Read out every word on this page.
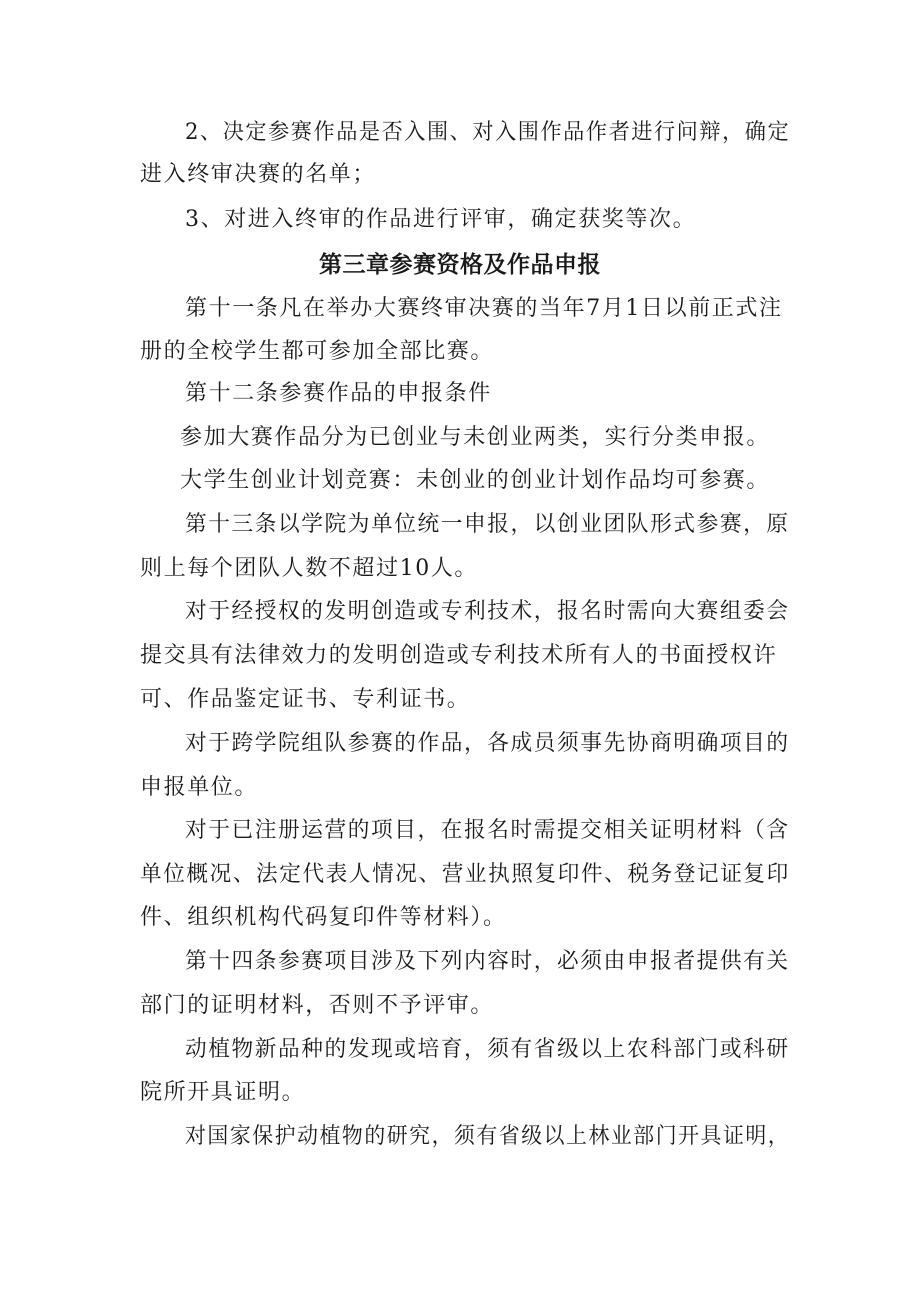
2、决定参赛作品是否入围、对入围作品作者进行问辩，确定
进入终审决赛的名单；
3、对进入终审的作品进行评审，确定获奖等次。
第三章参赛资格及作品申报
第十一条凡在举办大赛终审决赛的当年7月1日以前正式注
册的全校学生都可参加全部比赛。
第十二条参赛作品的申报条件
参加大赛作品分为已创业与未创业两类，实行分类申报。
大学生创业计划竞赛：未创业的创业计划作品均可参赛。
第十三条以学院为单位统一申报，以创业团队形式参赛，原
则上每个团队人数不超过10人。
对于经授权的发明创造或专利技术，报名时需向大赛组委会
提交具有法律效力的发明创造或专利技术所有人的书面授权许
可、作品鉴定证书、专利证书。
对于跨学院组队参赛的作品，各成员须事先协商明确项目的
申报单位。
对于已注册运营的项目，在报名时需提交相关证明材料（含
单位概况、法定代表人情况、营业执照复印件、税务登记证复印
件、组织机构代码复印件等材料）。
第十四条参赛项目涉及下列内容时，必须由申报者提供有关
部门的证明材料，否则不予评审。
动植物新品种的发现或培育，须有省级以上农科部门或科研
院所开具证明。
对国家保护动植物的研究，须有省级以上林业部门开具证明，
